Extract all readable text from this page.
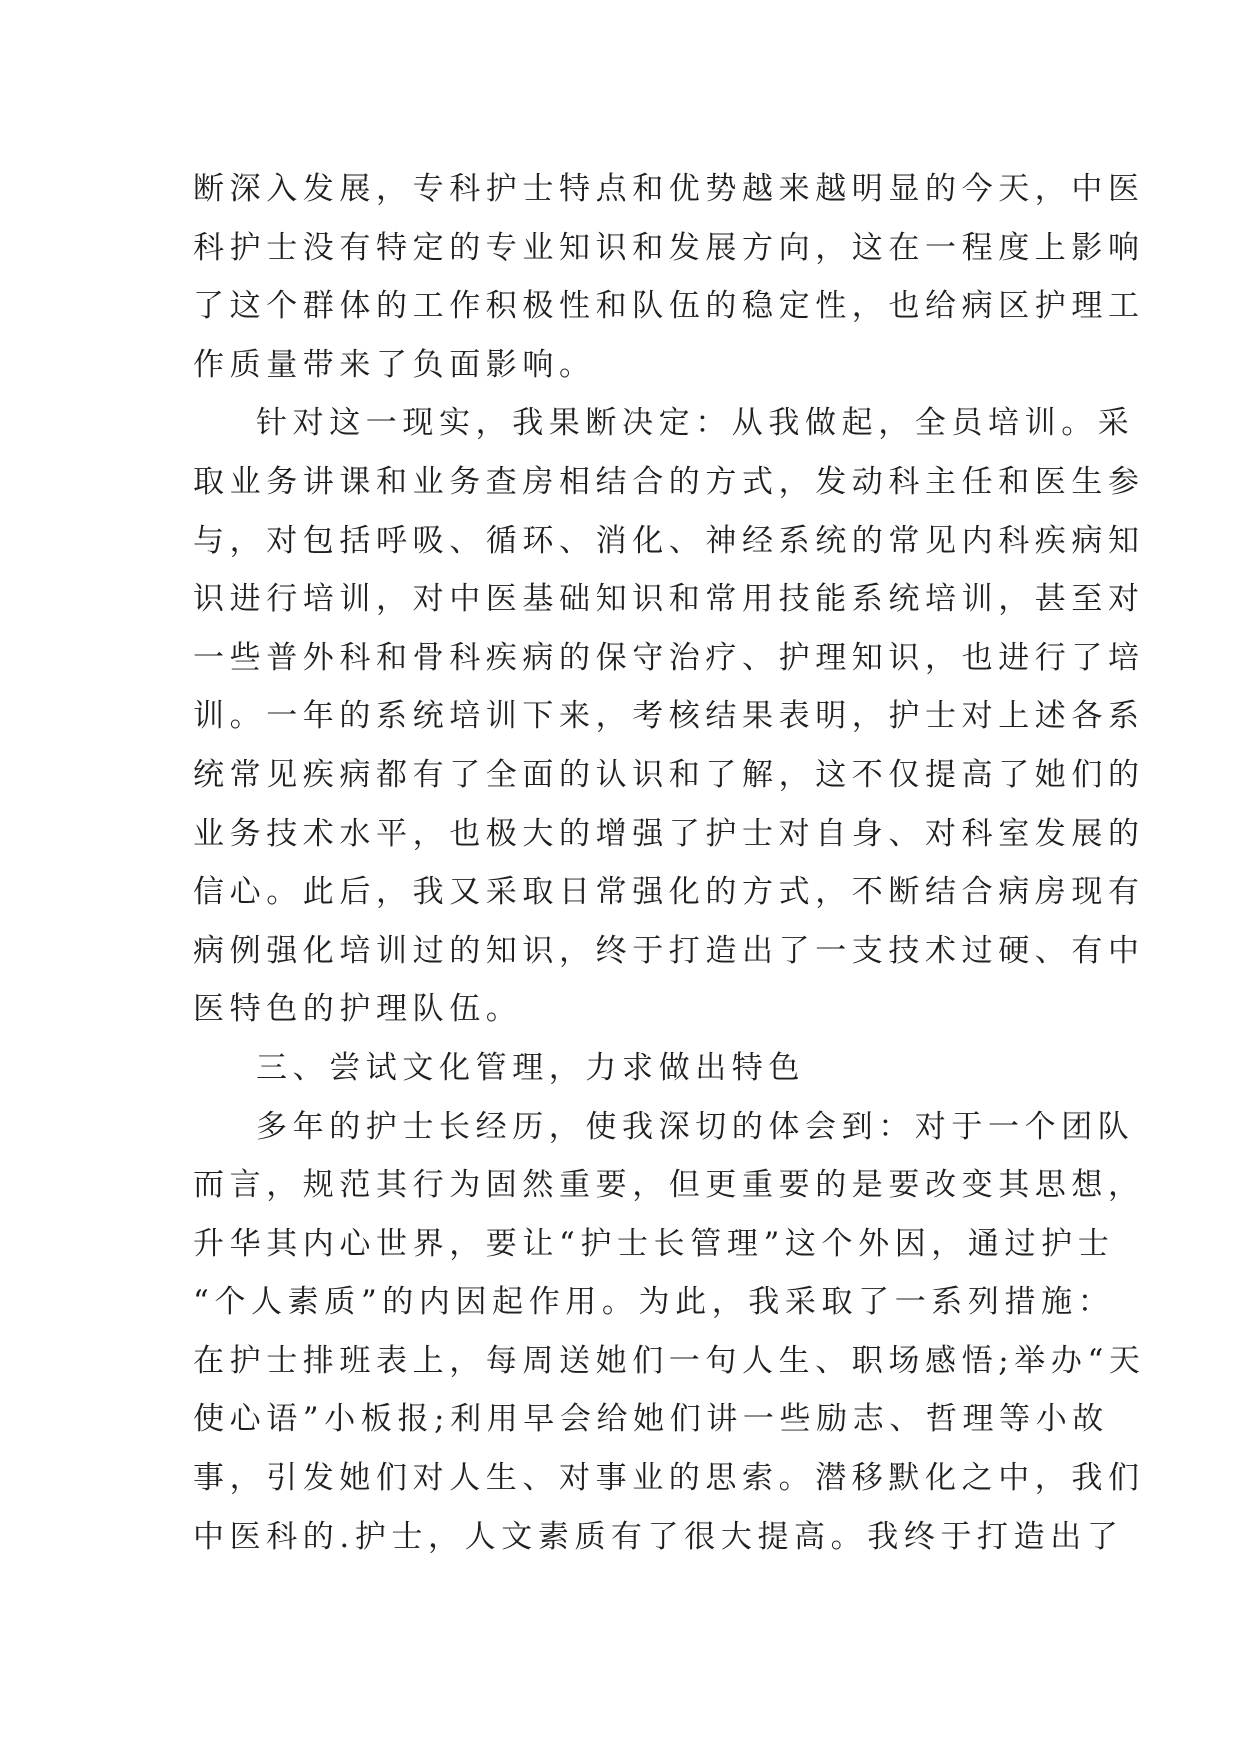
断深入发展，专科护士特点和优势越来越明显的今天，中医
科护士没有特定的专业知识和发展方向，这在一程度上影响
了这个群体的工作积极性和队伍的稳定性，也给病区护理工
作质量带来了负面影响。
针对这一现实，我果断决定：从我做起，全员培训。采
取业务讲课和业务查房相结合的方式，发动科主任和医生参
与，对包括呼吸、循环、消化、神经系统的常见内科疾病知
识进行培训，对中医基础知识和常用技能系统培训，甚至对
一些普外科和骨科疾病的保守治疗、护理知识，也进行了培
训。一年的系统培训下来，考核结果表明，护士对上述各系
统常见疾病都有了全面的认识和了解，这不仅提高了她们的
业务技术水平，也极大的增强了护士对自身、对科室发展的
信心。此后，我又采取日常强化的方式，不断结合病房现有
病例强化培训过的知识，终于打造出了一支技术过硬、有中
医特色的护理队伍。
三、尝试文化管理，力求做出特色
多年的护士长经历，使我深切的体会到：对于一个团队
而言，规范其行为固然重要，但更重要的是要改变其思想，
升华其内心世界，要让“护士长管理”这个外因，通过护士
“个人素质”的内因起作用。为此，我采取了一系列措施：
在护士排班表上，每周送她们一句人生、职场感悟;举办“天
使心语”小板报;利用早会给她们讲一些励志、哲理等小故
事，引发她们对人生、对事业的思索。潜移默化之中，我们
中医科的.护士，人文素质有了很大提高。我终于打造出了
